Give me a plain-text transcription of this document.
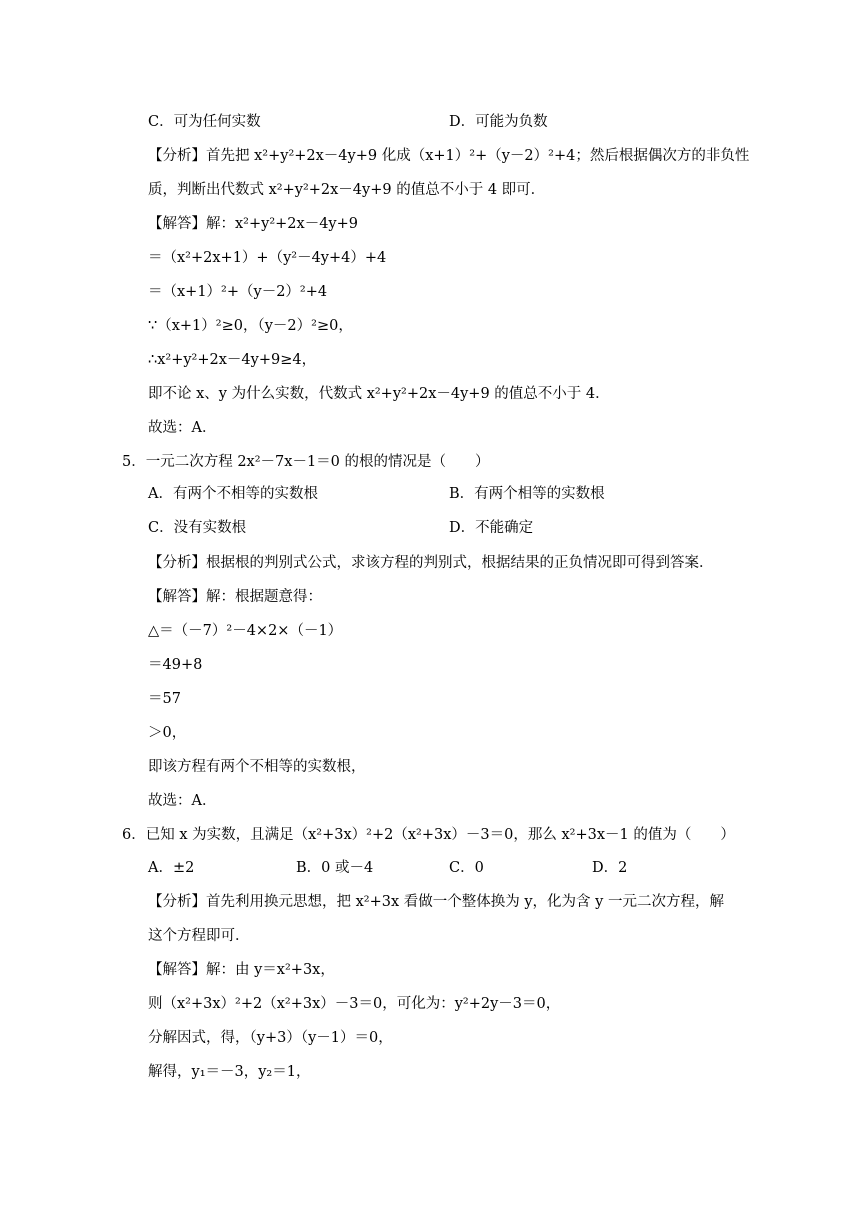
C．可为任何实数	D．可能为负数
【分析】首先把 x²+y²+2x－4y+9 化成（x+1）²+（y－2）²+4；然后根据偶次方的非负性
质，判断出代数式 x²+y²+2x－4y+9 的值总不小于 4 即可．
【解答】解：x²+y²+2x－4y+9
＝（x²+2x+1）+（y²－4y+4）+4
＝（x+1）²+（y－2）²+4
∵（x+1）²≥0，（y－2）²≥0，
∴x²+y²+2x－4y+9≥4，
即不论 x、y 为什么实数，代数式 x²+y²+2x－4y+9 的值总不小于 4．
故选：A．
5．一元二次方程 2x²－7x－1＝0 的根的情况是（　　）
A．有两个不相等的实数根	B．有两个相等的实数根
C．没有实数根	D．不能确定
【分析】根据根的判别式公式，求该方程的判别式，根据结果的正负情况即可得到答案．
【解答】解：根据题意得：
△＝（－7）²－4×2×（－1）
＝49+8
＝57
＞0，
即该方程有两个不相等的实数根，
故选：A．
6．已知 x 为实数，且满足（x²+3x）²+2（x²+3x）－3＝0，那么 x²+3x－1 的值为（　　）
A．±2	B．0 或－4	C．0	D．2
【分析】首先利用换元思想，把 x²+3x 看做一个整体换为 y，化为含 y 一元二次方程，解
这个方程即可．
【解答】解：由 y＝x²+3x，
则（x²+3x）²+2（x²+3x）－3＝0，可化为：y²+2y－3＝0，
分解因式，得，（y+3）（y－1）＝0，
解得，y₁＝－3，y₂＝1，
